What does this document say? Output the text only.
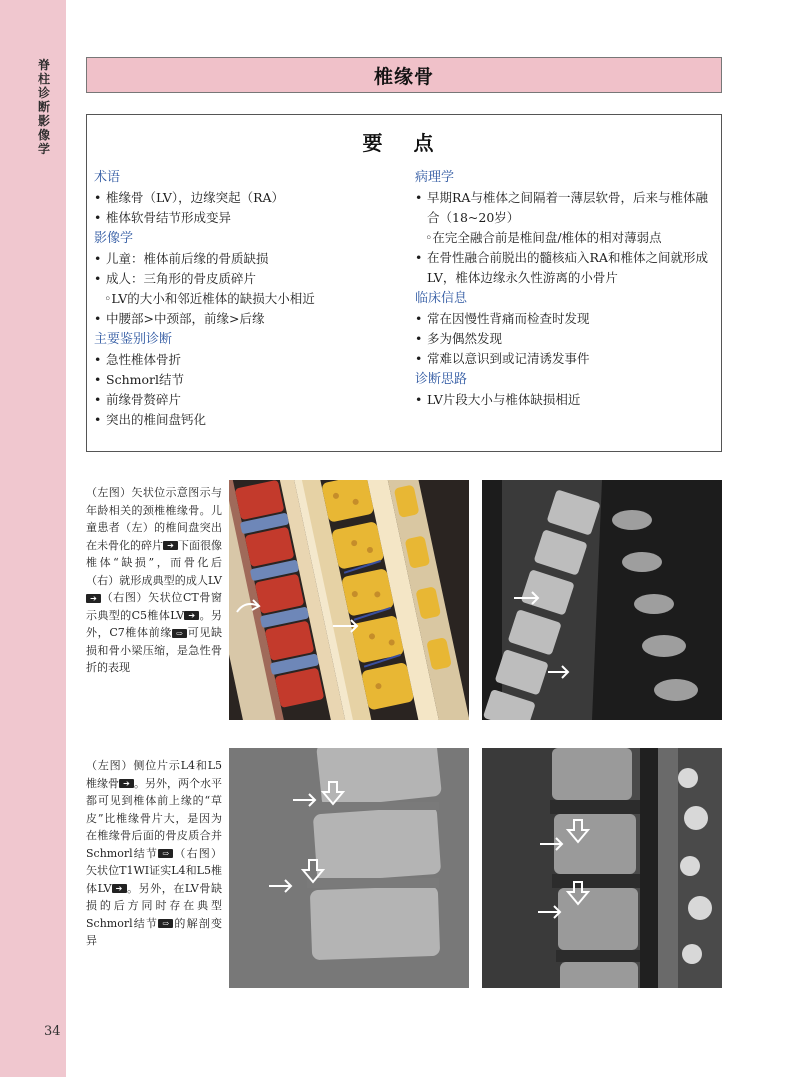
脊柱诊断影像学
34
椎缘骨
要 点
术语
• 椎缘骨（LV），边缘突起（RA）
• 椎体软骨结节形成变异
影像学
• 儿童：椎体前后缘的骨质缺损
• 成人：三角形的骨皮质碎片
◦LV的大小和邻近椎体的缺损大小相近
• 中腰部>中颈部，前缘>后缘
主要鉴别诊断
• 急性椎体骨折
• Schmorl结节
• 前缘骨赘碎片
• 突出的椎间盘钙化
病理学
• 早期RA与椎体之间隔着一薄层软骨，后来与椎体融合（18~20岁）
◦在完全融合前是椎间盘/椎体的相对薄弱点
• 在骨性融合前脱出的髓核疝入RA和椎体之间就形成LV，椎体边缘永久性游离的小骨片
临床信息
• 常在因慢性背痛而检查时发现
• 多为偶然发现
• 常难以意识到或记清诱发事件
诊断思路
• LV片段大小与椎体缺损相近
（左图）矢状位示意图示与年龄相关的颈椎椎缘骨。儿童患者（左）的椎间盘突出在未骨化的碎片 ➔ 下面很像椎体“缺损”，而骨化后（右）就形成典型的成人LV➔ （右图）矢状位CT骨窗示典型的C5椎体LV ➔ 。另外，C7椎体前缘 ⇨ 可见缺损和骨小梁压缩，是急性骨折的表现
（左图）侧位片示L4和L5椎缘骨 ➔ 。另外，两个水平都可见到椎体前上缘的“草皮”比椎缘骨片大，是因为在椎缘骨后面的骨皮质合并Schmorl结节 ⇨ （右图）矢状位T1WI证实L4和L5椎体LV ➔ 。另外，在LV骨缺损的后方同时存在典型Schmorl结节 ⇨ 的解剖变异
